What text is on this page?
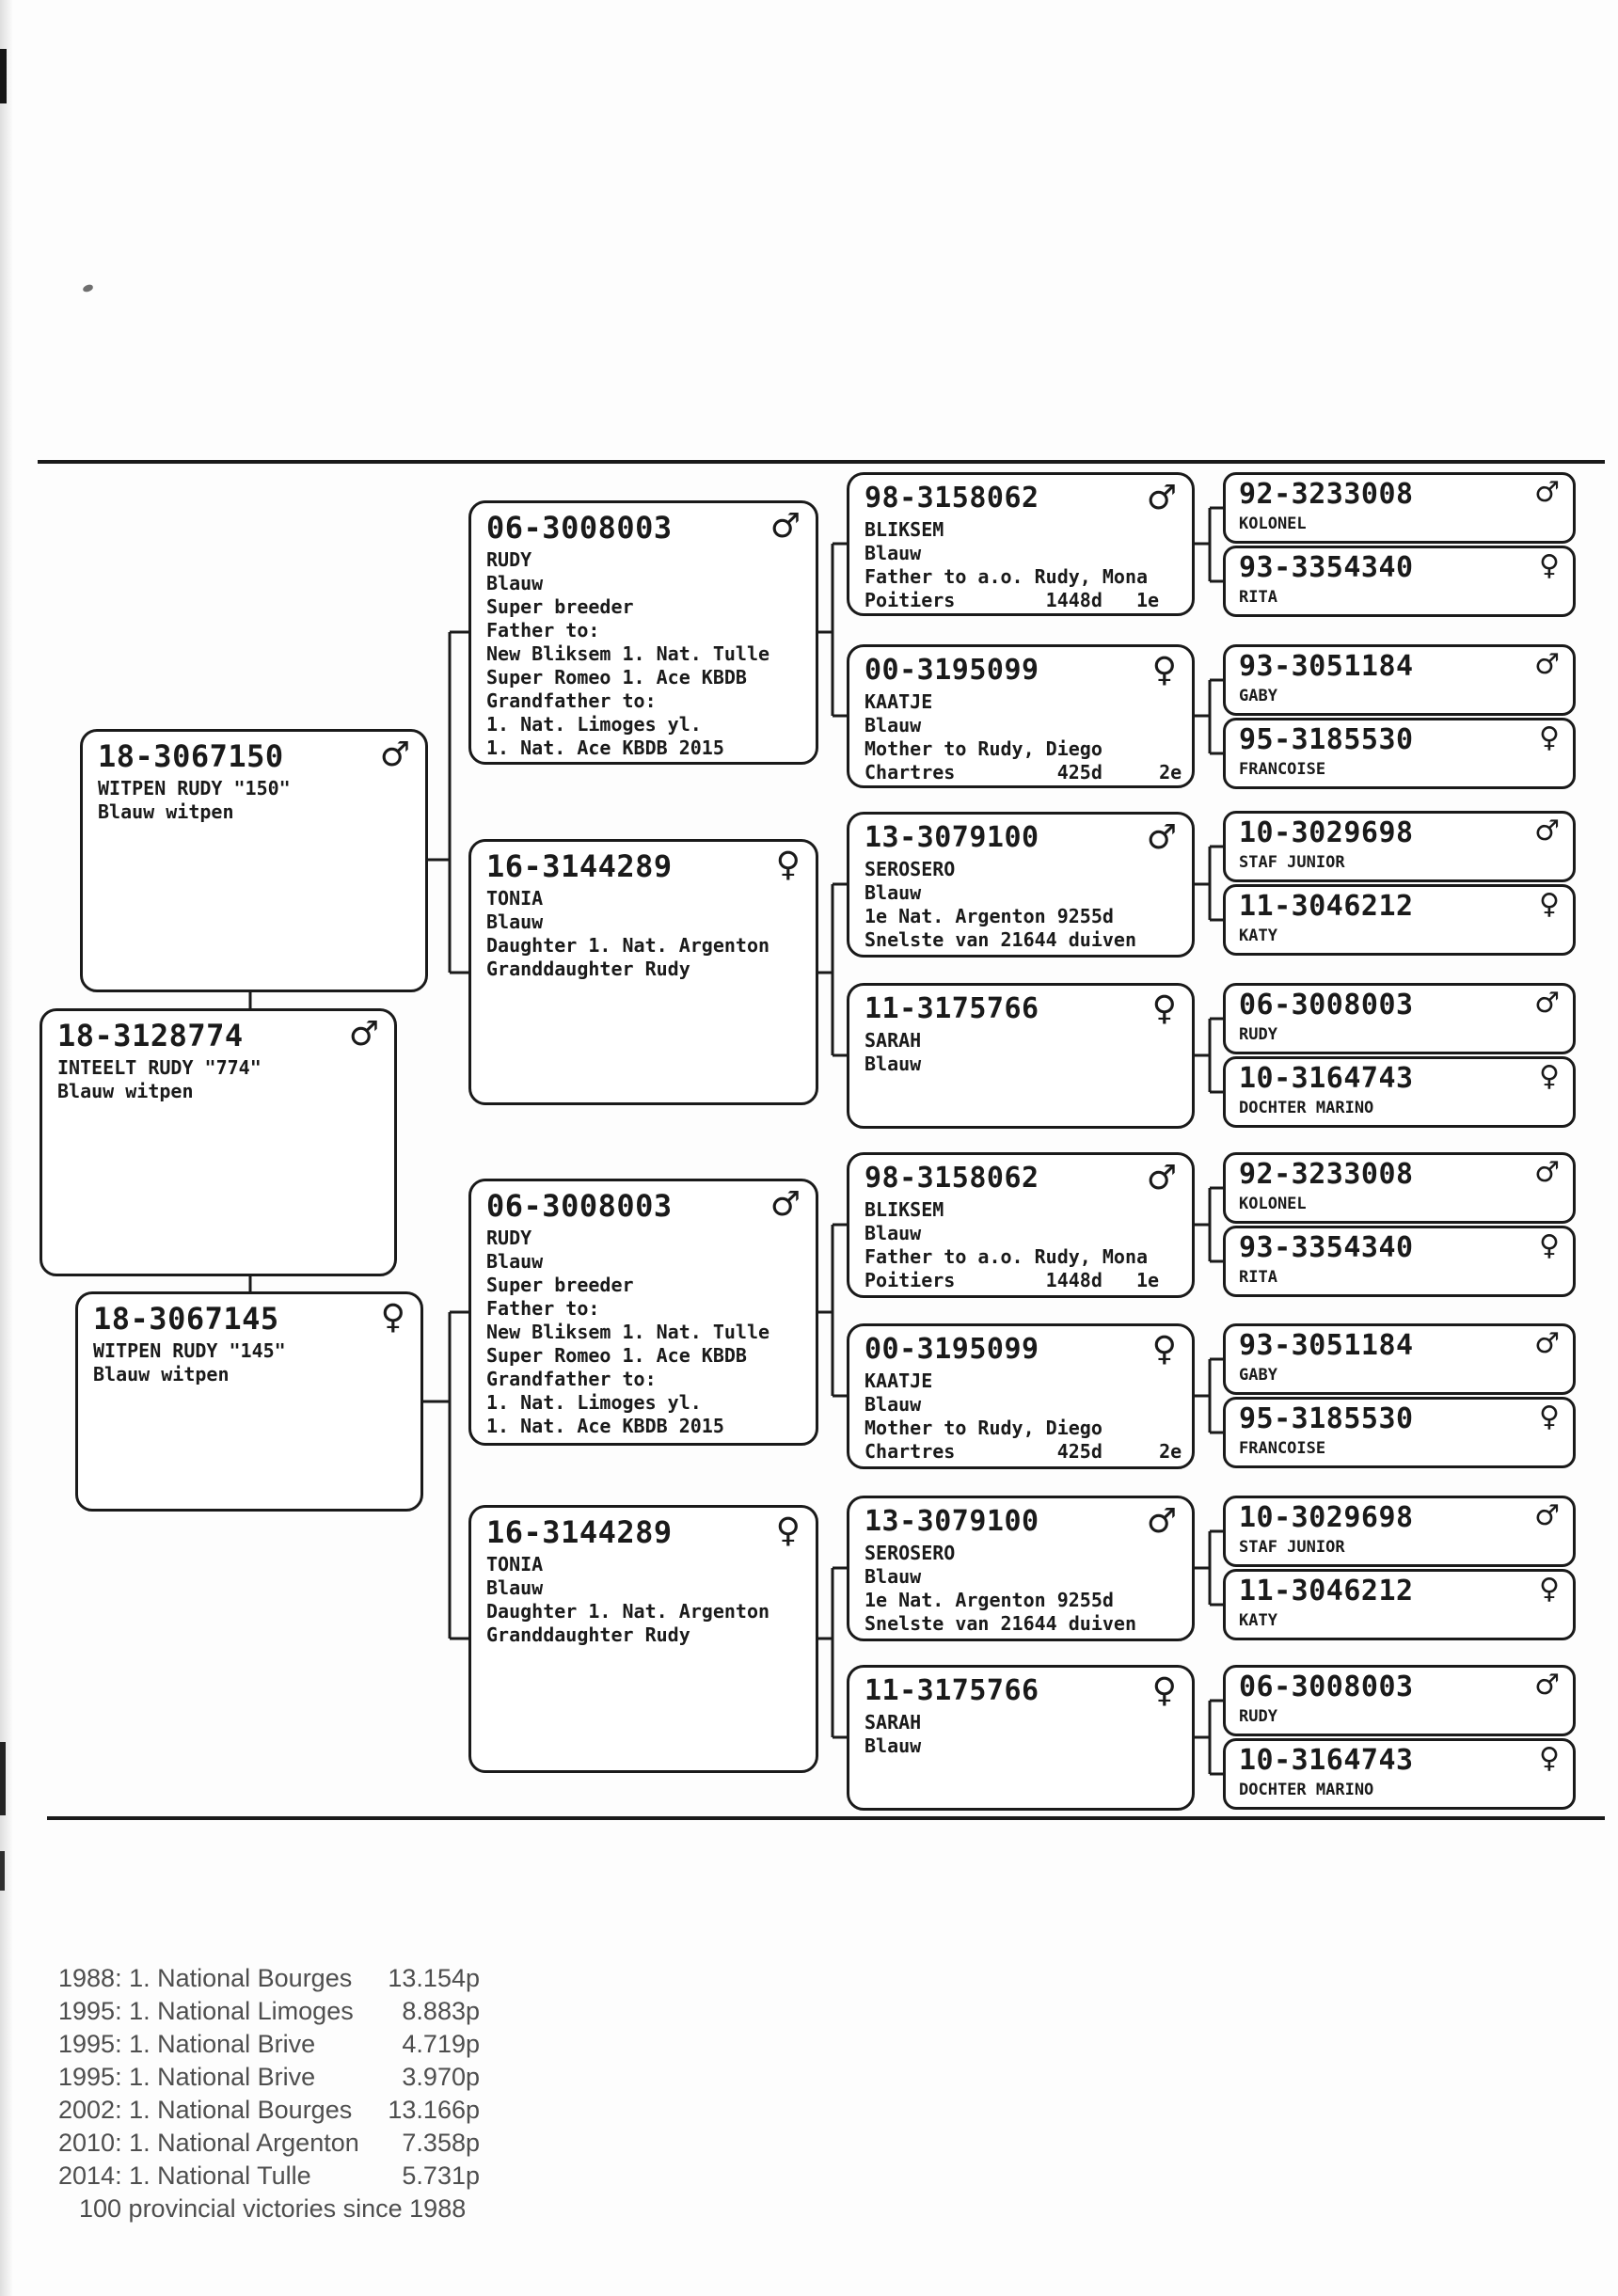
18-3067150	♂
WITPEN RUDY "150"
Blauw witpen
18-3128774	♂
INTEELT RUDY "774"
Blauw witpen
18-3067145	♀
WITPEN RUDY "145"
Blauw witpen
06-3008003	♂
RUDY
Blauw
Super breeder
Father to:
New Bliksem 1. Nat. Tulle
Super Romeo 1. Ace KBDB
Grandfather to:
1. Nat. Limoges yl.
1. Nat. Ace KBDB 2015
16-3144289	♀
TONIA
Blauw
Daughter 1. Nat. Argenton
Granddaughter Rudy
06-3008003	♂
RUDY
Blauw
Super breeder
Father to:
New Bliksem 1. Nat. Tulle
Super Romeo 1. Ace KBDB
Grandfather to:
1. Nat. Limoges yl.
1. Nat. Ace KBDB 2015
16-3144289	♀
TONIA
Blauw
Daughter 1. Nat. Argenton
Granddaughter Rudy
98-3158062	♂
BLIKSEM
Blauw
Father to a.o. Rudy, Mona
Poitiers        1448d   1e
00-3195099	♀
KAATJE
Blauw
Mother to Rudy, Diego
Chartres         425d     2e
13-3079100	♂
SEROSERO
Blauw
1e Nat. Argenton 9255d
Snelste van 21644 duiven
11-3175766	♀
SARAH
Blauw
98-3158062	♂
BLIKSEM
Blauw
Father to a.o. Rudy, Mona
Poitiers        1448d   1e
00-3195099	♀
KAATJE
Blauw
Mother to Rudy, Diego
Chartres         425d     2e
13-3079100	♂
SEROSERO
Blauw
1e Nat. Argenton 9255d
Snelste van 21644 duiven
11-3175766	♀
SARAH
Blauw
92-3233008	♂
KOLONEL
93-3354340	♀
RITA
93-3051184	♂
GABY
95-3185530	♀
FRANCOISE
10-3029698	♂
STAF JUNIOR
11-3046212	♀
KATY
06-3008003	♂
RUDY
10-3164743	♀
DOCHTER MARINO
92-3233008	♂
KOLONEL
93-3354340	♀
RITA
93-3051184	♂
GABY
95-3185530	♀
FRANCOISE
10-3029698	♂
STAF JUNIOR
11-3046212	♀
KATY
06-3008003	♂
RUDY
10-3164743	♀
DOCHTER MARINO
1988: 1. National Bourges 13.154p
1995: 1. National Limoges 8.883p
1995: 1. National Brive	4.719p
1995: 1. National Brive	3.970p
2002: 1. National Bourges 13.166p
2010: 1. National Argenton 7.358p
2014: 1. National Tulle	5.731p
100 provincial victories since 1988
